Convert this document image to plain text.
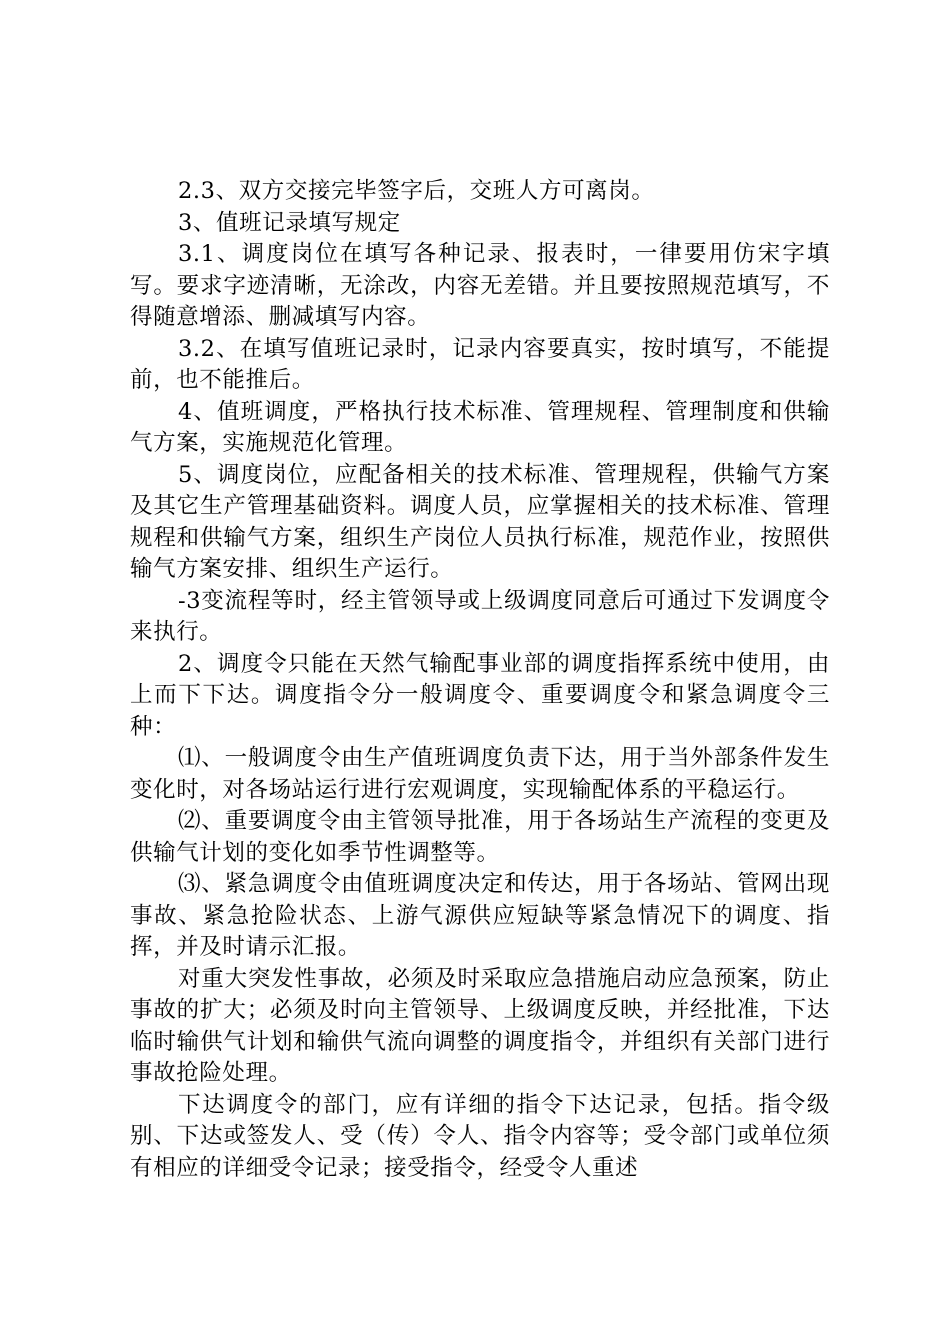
2.3、双方交接完毕签字后，交班人方可离岗。

3、值班记录填写规定

3.1、调度岗位在填写各种记录、报表时，一律要用仿宋字填写。要求字迹清晰，无涂改，内容无差错。并且要按照规范填写，不得随意增添、删减填写内容。

3.2、在填写值班记录时，记录内容要真实，按时填写，不能提前，也不能推后。

4、值班调度，严格执行技术标准、管理规程、管理制度和供输气方案，实施规范化管理。

5、调度岗位，应配备相关的技术标准、管理规程，供输气方案及其它生产管理基础资料。调度人员，应掌握相关的技术标准、管理规程和供输气方案，组织生产岗位人员执行标准，规范作业，按照供输气方案安排、组织生产运行。

-3变流程等时，经主管领导或上级调度同意后可通过下发调度令来执行。

2、调度令只能在天然气输配事业部的调度指挥系统中使用，由上而下下达。调度指令分一般调度令、重要调度令和紧急调度令三种：

⑴、一般调度令由生产值班调度负责下达，用于当外部条件发生变化时，对各场站运行进行宏观调度，实现输配体系的平稳运行。

⑵、重要调度令由主管领导批准，用于各场站生产流程的变更及供输气计划的变化如季节性调整等。

⑶、紧急调度令由值班调度决定和传达，用于各场站、管网出现事故、紧急抢险状态、上游气源供应短缺等紧急情况下的调度、指挥，并及时请示汇报。

对重大突发性事故，必须及时采取应急措施启动应急预案，防止事故的扩大；必须及时向主管领导、上级调度反映，并经批准，下达临时输供气计划和输供气流向调整的调度指令，并组织有关部门进行事故抢险处理。

下达调度令的部门，应有详细的指令下达记录，包括。指令级别、下达或签发人、受（传）令人、指令内容等；受令部门或单位须有相应的详细受令记录；接受指令，经受令人重述
